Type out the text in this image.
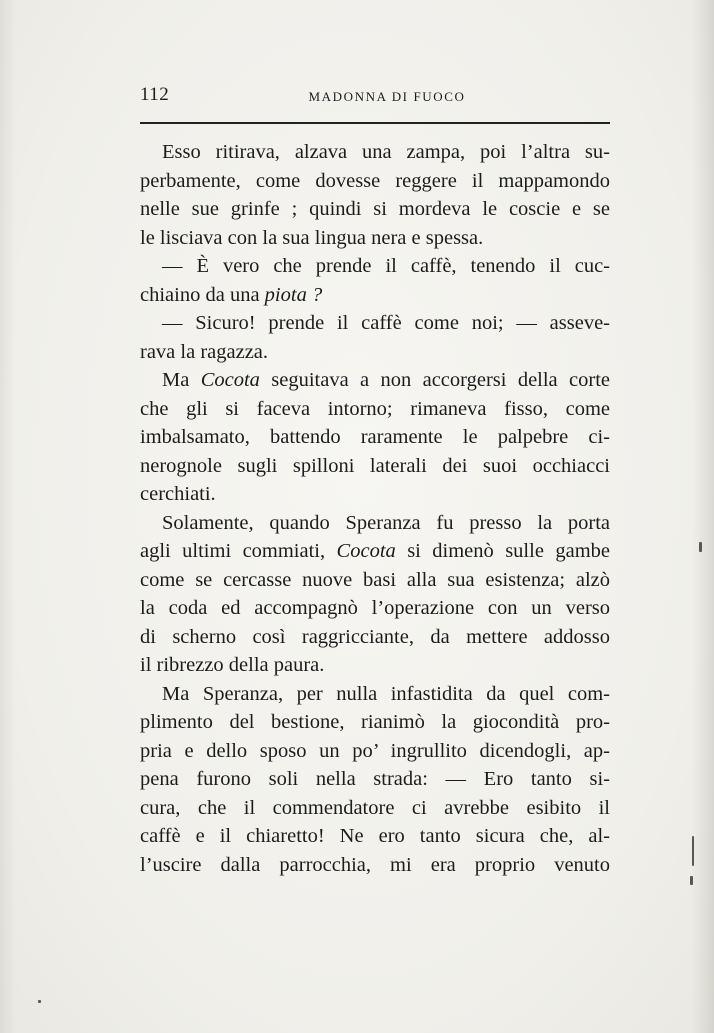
112	MADONNA DI FUOCO
Esso ritirava, alzava una zampa, poi l’altra su-
perbamente, come dovesse reggere il mappamondo
nelle sue grinfe ; quindi si mordeva le coscie e se
le lisciava con la sua lingua nera e spessa.
— È vero che prende il caffè, tenendo il cuc-
chiaino da una piota ?
— Sicuro! prende il caffè come noi; — asseve-
rava la ragazza.
Ma Cocota seguitava a non accorgersi della corte
che gli si faceva intorno; rimaneva fisso, come
imbalsamato, battendo raramente le palpebre ci-
nerognole sugli spilloni laterali dei suoi occhiacci
cerchiati.
Solamente, quando Speranza fu presso la porta
agli ultimi commiati, Cocota si dimenò sulle gambe
come se cercasse nuove basi alla sua esistenza; alzò
la coda ed accompagnò l’operazione con un verso
di scherno così raggricciante, da mettere addosso
il ribrezzo della paura.
Ma Speranza, per nulla infastidita da quel com-
plimento del bestione, rianimò la giocondità pro-
pria e dello sposo un po’ ingrullito dicendogli, ap-
pena furono soli nella strada: — Ero tanto si-
cura, che il commendatore ci avrebbe esibito il
caffè e il chiaretto! Ne ero tanto sicura che, al-
l’uscire dalla parrocchia, mi era proprio venuto
